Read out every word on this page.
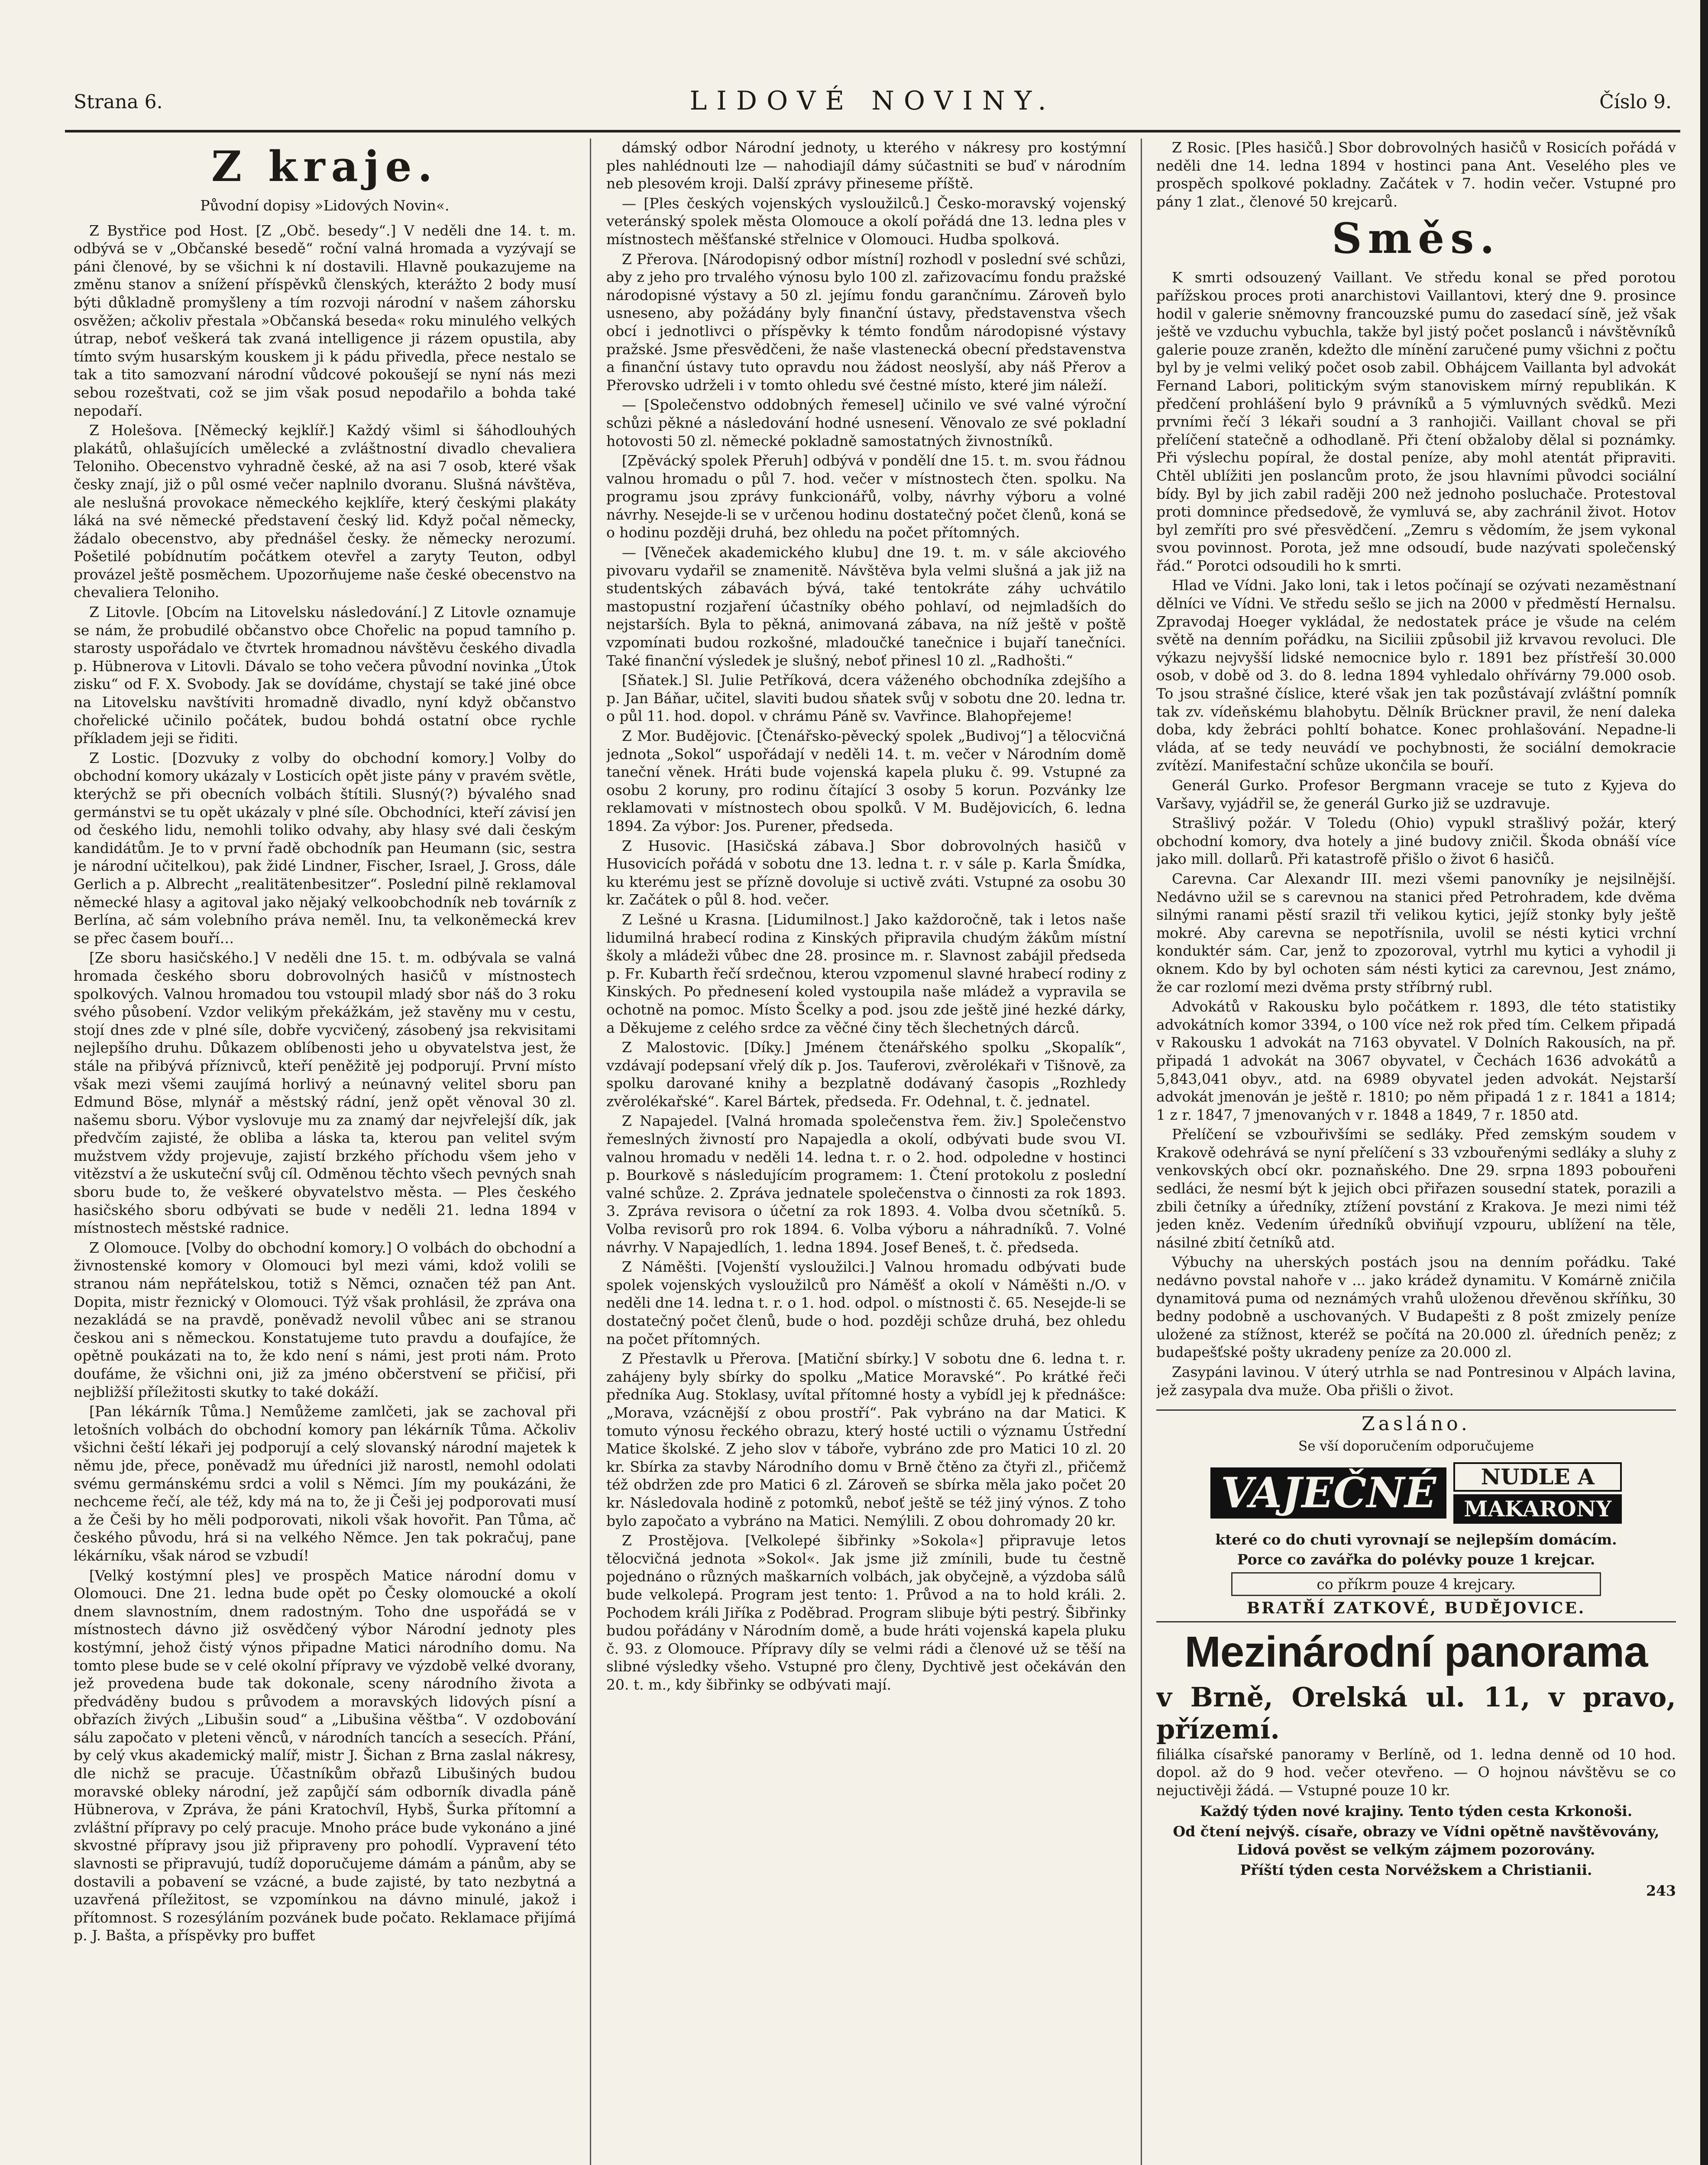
Strana 6.	LIDOVÉ NOVINY.	Číslo 9.
Z kraje.
Původní dopisy »Lidových Novin«.

Z Bystřice pod Host. [Z „Obč. besedy“.] V neděli dne 14. t. m. odbývá se v „Občanské besedě“ roční valná hromada a vyzývají se páni členové, by se všichni k ní dostavili. Hlavně poukazujeme na změnu stanov a snížení příspěvků členských, kterážto 2 body musí býti důkladně promyšleny a tím rozvoji národní v našem záhorsku osvěžen; ačkoliv přestala »Občanská beseda« roku minulého velkých útrap, neboť veškerá tak zvaná intelligence ji rázem opustila, aby tímto svým husarským kouskem ji k pádu přivedla, přece nestalo se tak a tito samozvaní národní vůdcové pokoušejí se nyní nás mezi sebou rozeštvati, což se jim však posud nepodařilo a bohda také nepodaří.

Z Holešova. [Německý kejklíř.] Každý všiml si šáhodlouhých plakátů, ohlašujících umělecké a zvláštnostní divadlo chevaliera Teloniho. Obecenstvo vyhradně české, až na asi 7 osob, které však česky znají, již o půl osmé večer naplnilo dvoranu. Slušná návštěva, ale neslušná provokace německého kejklíře, který českými plakáty láká na své německé představení český lid. Když počal německy, žádalo obecenstvo, aby přednášel česky. že německy nerozumí. Pošetilé pobídnutím počátkem otevřel a zaryty Teuton, odbyl provázel ještě posměchem. Upozorňujeme naše české obecenstvo na chevaliera Teloniho.

Z Litovle. [Obcím na Litovelsku následování.] Z Litovle oznamuje se nám, že probudilé občanstvo obce Chořelic na popud tamního p. starosty uspořádalo ve čtvrtek hromadnou návštěvu českého divadla p. Hübnerova v Litovli. Dávalo se toho večera původní novinka „Útok zisku“ od F. X. Svobody. Jak se dovídáme, chystají se také jiné obce na Litovelsku navštíviti hromadně divadlo, nyní když občanstvo chořelické učinilo počátek, budou bohdá ostatní obce rychle příkladem jeji se řiditi.

Z Lostic. [Dozvuky z volby do obchodní komory.] Volby do obchodní komory ukázaly v Losticích opět jiste pány v pravém světle, kterýchž se při obecních volbách štítili. Slusný(?) bývalého snad germánstvi se tu opět ukázaly v plné síle. Obchodníci, kteří závisí jen od českého lidu, nemohli toliko odvahy, aby hlasy své dali českým kandidátům. Je to v první řadě obchodník pan Heumann (sic, sestra je národní učitelkou), pak židé Lindner, Fischer, Israel, J. Gross, dále Gerlich a p. Albrecht „realitätenbesitzer“. Poslední pilně reklamoval německé hlasy a agitoval jako nějaký velkoobchodník neb továrník z Berlína, ač sám volebního práva neměl. Inu, ta velkoněmecká krev se přec časem bouří…

[Ze sboru hasičského.] V neděli dne 15. t. m. odbývala se valná hromada českého sboru dobrovolných hasičů v místnostech spolkových. Valnou hromadou tou vstoupil mladý sbor náš do 3 roku svého působení. Vzdor velikým překážkám, jež stavěny mu v cestu, stojí dnes zde v plné síle, dobře vycvičený, zásobený jsa rekvisitami nejlepšího druhu. Důkazem oblíbenosti jeho u obyvatelstva jest, že stále na přibývá příznivců, kteří peněžitě jej podporují. První místo však mezi všemi zaujímá horlivý a neúnavný velitel sboru pan Edmund Böse, mlynář a městský rádní, jenž opět věnoval 30 zl. našemu sboru. Výbor vyslovuje mu za znamý dar nejvřelejší dík, jak předvčím zajisté, že obliba a láska ta, kterou pan velitel svým mužstvem vždy projevuje, zajistí brzkého příchodu všem jeho v vitězství a že uskuteční svůj cíl. Odměnou těchto všech pevných snah sboru bude to, že veškeré obyvatelstvo města. — Ples českého hasičského sboru odbývati se bude v neděli 21. ledna 1894 v místnostech městské radnice.

Z Olomouce. [Volby do obchodní komory.] O volbách do obchodní a živnostenské komory v Olomouci byl mezi vámi, kdož volili se stranou nám nepřátelskou, totiž s Němci, označen též pan Ant. Dopita, mistr řeznický v Olomouci. Týž však prohlásil, že zpráva ona nezakládá se na pravdě, poněvadž nevolil vůbec ani se stranou českou ani s německou. Konstatujeme tuto pravdu a doufajíce, že opětně poukázati na to, že kdo není s námi, jest proti nám. Proto doufáme, že všichni oni, již za jméno občerstvení se přičisí, při nejbližší příležitosti skutky to také dokáží.

[Pan lékárník Tůma.] Nemůžeme zamlčeti, jak se zachoval při letošních volbách do obchodní komory pan lékárník Tůma. Ačkoliv všichni čeští lékaři jej podporují a celý slovanský národní majetek k němu jde, přece, poněvadž mu úředníci již narostl, nemohl odolati svému germánskému srdci a volil s Němci. Jím my poukázáni, že nechceme řečí, ale též, kdy má na to, že ji Češi jej podporovati musí a že Češi by ho měli podporovati, nikoli však hovořit. Pan Tůma, ač českého původu, hrá si na velkého Němce. Jen tak pokračuj, pane lékárníku, však národ se vzbudí!

[Velký kostýmní ples] ve prospěch Matice národní domu v Olomouci. Dne 21. ledna bude opět po Česky olomoucké a okolí dnem slavnostním, dnem radostným. Toho dne uspořádá se v místnostech dávno již osvědčený výbor Národní jednoty ples kostýmní, jehož čistý výnos připadne Matici národního domu. Na tomto plese bude se v celé okolní přípravy ve výzdobě velké dvorany, jež provedena bude tak dokonale, sceny národního života a předváděny budou s průvodem a moravských lidových písní a obřazích živých „Libušin soud“ a „Libušina věštba“. V ozdobování sálu započato v pleteni věnců, v národních tancích a sesecích. Přání, by celý vkus akademický malíř, mistr J. Šichan z Brna zaslal nákresy, dle nichž se pracuje. Účastníkům obřazů Libušiných budou moravské obleky národní, jež zapůjčí sám odborník divadla páně Hübnerova, v Zpráva, že páni Kratochvíl, Hybš, Šurka přítomní a zvláštní přípravy po celý pracuje. Mnoho práce bude vykonáno a jiné skvostné přípravy jsou již připraveny pro pohodlí. Vypravení této slavnosti se připravujú, tudíž doporučujeme dámám a pánům, aby se dostavili a pobavení se vzácné, a bude zajisté, by tato nezbytná a uzavřená příležitost, se vzpomínkou na dávno minulé, jakož i přítomnost. S rozesýláním pozvánek bude počato. Reklamace přijímá p. J. Bašta, a příspěvky pro buffet

dámský odbor Národní jednoty, u kterého v nákresy pro kostýmní ples nahlédnouti lze — nahodiajíl dámy súčastniti se buď v národním neb plesovém kroji. Další zprávy přineseme příště.

— [Ples českých vojenských vysloužilců.] Česko-moravský vojenský veteránský spolek města Olomouce a okolí pořádá dne 13. ledna ples v místnostech měšťanské střelnice v Olomouci. Hudba spolková.

Z Přerova. [Národopisný odbor místní] rozhodl v poslední své schůzi, aby z jeho pro trvalého výnosu bylo 100 zl. zařizovacímu fondu pražské národopisné výstavy a 50 zl. jejímu fondu garančnímu. Zároveň bylo usneseno, aby požádány byly finanční ústavy, představenstva všech obcí i jednotlivci o příspěvky k témto fondům národopisné výstavy pražské. Jsme přesvědčeni, že naše vlastenecká obecní představenstva a finanční ústavy tuto opravdu nou žádost neoslyší, aby náš Přerov a Přerovsko udrželi i v tomto ohledu své čestné místo, které jim náleží.

— [Společenstvo oddobných řemesel] učinilo ve své valné výroční schůzi pěkné a následování hodné usnesení. Věnovalo ze své pokladní hotovosti 50 zl. německé pokladně samostatných živnostníků.

[Zpěvácký spolek Přeruh] odbývá v pondělí dne 15. t. m. svou řádnou valnou hromadu o půl 7. hod. večer v místnostech čten. spolku. Na programu jsou zprávy funkcionářů, volby, návrhy výboru a volné návrhy. Nesejde-li se v určenou hodinu dostatečný počet členů, koná se o hodinu později druhá, bez ohledu na počet přítomných.

— [Věneček akademického klubu] dne 19. t. m. v sále akciového pivovaru vydařil se znamenitě. Návštěva byla velmi slušná a jak již na studentských zábavách bývá, také tentokráte záhy uchvátilo mastopustní rozjaření účastníky obého pohlaví, od nejmladších do nejstarších. Byla to pěkná, animovaná zábava, na níž ještě v poště vzpomínati budou rozkošné, mladoučké tanečnice i bujaří tanečníci. Také finanční výsledek je slušný, neboť přinesl 10 zl. „Radhošti.“

[Sňatek.] Sl. Julie Petříková, dcera váženého obchodníka zdejšího a p. Jan Báňar, učitel, slaviti budou sňatek svůj v sobotu dne 20. ledna tr. o půl 11. hod. dopol. v chrámu Páně sv. Vavřince. Blahopřejeme!

Z Mor. Budějovic. [Čtenářsko-pěvecký spolek „Budivoj“] a tělocvičná jednota „Sokol“ uspořádají v neděli 14. t. m. večer v Národním domě taneční věnek. Hráti bude vojenská kapela pluku č. 99. Vstupné za osobu 2 koruny, pro rodinu čítající 3 osoby 5 korun. Pozvánky lze reklamovati v místnostech obou spolků. V M. Budějovicích, 6. ledna 1894. Za výbor: Jos. Purener, předseda.

Z Husovic. [Hasičská zábava.] Sbor dobrovolných hasičů v Husovicích pořádá v sobotu dne 13. ledna t. r. v sále p. Karla Šmídka, ku kterému jest se přízně dovoluje si uctivě zváti. Vstupné za osobu 30 kr. Začátek o půl 8. hod. večer.

Z Lešné u Krasna. [Lidumilnost.] Jako každoročně, tak i letos naše lidumilná hrabecí rodina z Kinských připravila chudým žákům místní školy a mládeži vůbec dne 28. prosince m. r. Slavnost zabájil předseda p. Fr. Kubarth řečí srdečnou, kterou vzpomenul slavné hrabecí rodiny z Kinských. Po přednesení koled vystoupila naše mládež a vypravila se ochotně na pomoc. Místo Šcelky a pod. jsou zde ještě jiné hezké dárky, a Děkujeme z celého srdce za věčné činy těch šlechetných dárců.

Z Malostovic. [Díky.] Jménem čtenářského spolku „Skopalík“, vzdávají podepsaní vřelý dík p. Jos. Tauferovi, zvěrolékaři v Tišnově, za spolku darované knihy a bezplatně dodávaný časopis „Rozhledy zvěrolékařské“. Karel Bártek, předseda. Fr. Odehnal, t. č. jednatel.

Z Napajedel. [Valná hromada společenstva řem. živ.] Společenstvo řemeslných živností pro Napajedla a okolí, odbývati bude svou VI. valnou hromadu v neděli 14. ledna t. r. o 2. hod. odpoledne v hostinci p. Bourkově s následujícím programem: 1. Čtení protokolu z poslední valné schůze. 2. Zpráva jednatele společenstva o činnosti za rok 1893. 3. Zpráva revisora o účetní za rok 1893. 4. Volba dvou sčetníků. 5. Volba revisorů pro rok 1894. 6. Volba výboru a náhradníků. 7. Volné návrhy. V Napajedlích, 1. ledna 1894. Josef Beneš, t. č. předseda.

Z Náměšti. [Vojenští vysloužilci.] Valnou hromadu odbývati bude spolek vojenských vysloužilců pro Náměšť a okolí v Náměšti n./O. v neděli dne 14. ledna t. r. o 1. hod. odpol. o místnosti č. 65. Nesejde-li se dostatečný počet členů, bude o hod. později schůze druhá, bez ohledu na počet přítomných.

Z Přestavlk u Přerova. [Matiční sbírky.] V sobotu dne 6. ledna t. r. zahájeny byly sbírky do spolku „Matice Moravské“. Po krátké řeči předníka Aug. Stoklasy, uvítal přítomné hosty a vybídl jej k přednášce: „Morava, vzácnější z obou prostří“. Pak vybráno na dar Matici. K tomuto výnosu řeckého obrazu, který hosté uctili o významu Ústřední Matice školské. Z jeho slov v táboře, vybráno zde pro Matici 10 zl. 20 kr. Sbírka za stavby Národního domu v Brně čtěno za čtyři zl., přičemž též obdržen zde pro Matici 6 zl. Zároveň se sbírka měla jako počet 20 kr. Následovala hodině z potomků, neboť ještě se též jiný výnos. Z toho bylo započato a vybráno na Matici. Nemýlili. Z obou dohromady 20 kr.

Z Prostějova. [Velkolepé šibřinky »Sokola«] připravuje letos tělocvičná jednota »Sokol«. Jak jsme již zmínili, bude tu čestně pojednáno o různých maškarních volbách, jak obyčejně, a výzdoba sálů bude velkolepá. Program jest tento: 1. Průvod a na to hold králi. 2. Pochodem králi Jiříka z Poděbrad. Program slibuje býti pestrý. Šibřinky budou pořádány v Národním domě, a bude hráti vojenská kapela pluku č. 93. z Olomouce. Přípravy díly se velmi rádi a členové už se těší na slibné výsledky všeho. Vstupné pro členy, Dychtivě jest očekáván den 20. t. m., kdy šibřinky se odbývati mají.

Z Rosic. [Ples hasičů.] Sbor dobrovolných hasičů v Rosicích pořádá v neděli dne 14. ledna 1894 v hostinci pana Ant. Veselého ples ve prospěch spolkové pokladny. Začátek v 7. hodin večer. Vstupné pro pány 1 zlat., členové 50 krejcarů.

Směs.

K smrti odsouzený Vaillant. Ve středu konal se před porotou pařížskou proces proti anarchistovi Vaillantovi, který dne 9. prosince hodil v galerie sněmovny francouzské pumu do zasedací síně, jež však ještě ve vzduchu vybuchla, takže byl jistý počet poslanců i návštěvníků galerie pouze zraněn, kdežto dle mínění zaručené pumy všichni z počtu byl by je velmi veliký počet osob zabil. Obhájcem Vaillanta byl advokát Fernand Labori, politickým svým stanoviskem mírný republikán. K předčení prohlášení bylo 9 právníků a 5 výmluvných svědků. Mezi prvními řečí 3 lékaři soudní a 3 ranhojiči. Vaillant choval se při přelíčení statečně a odhodlaně. Při čtení obžaloby dělal si poznámky. Při výslechu popíral, že dostal peníze, aby mohl atentát připraviti. Chtěl ublížiti jen poslancům proto, že jsou hlavními původci sociální bídy. Byl by jich zabil raději 200 než jednoho posluchače. Protestoval proti domnince předsedově, že vymluvá se, aby zachránil život. Hotov byl zemříti pro své přesvědčení. „Zemru s vědomím, že jsem vykonal svou povinnost. Porota, jež mne odsoudí, bude nazývati společenský řád.“ Porotci odsoudili ho k smrti.

Hlad ve Vídni. Jako loni, tak i letos počínají se ozývati nezaměstnaní dělníci ve Vídni. Ve středu sešlo se jich na 2000 v předměstí Hernalsu. Zpravodaj Hoeger vykládal, že nedostatek práce je všude na celém světě na denním pořádku, na Siciliii způsobil již krvavou revoluci. Dle výkazu nejvyšší lidské nemocnice bylo r. 1891 bez přístřeší 30.000 osob, v době od 3. do 8. ledna 1894 vyhledalo ohřívárny 79.000 osob. To jsou strašné číslice, které však jen tak pozůstávají zvláštní pomník tak zv. vídeňskému blahobytu. Dělník Brückner pravil, že není daleka doba, kdy žebráci pohltí bohatce. Konec prohlašování. Nepadne-li vláda, ať se tedy neuvádí ve pochybnosti, že sociální demokracie zvítězí. Manifestační schůze ukončila se bouří.

Generál Gurko. Profesor Bergmann vraceje se tuto z Kyjeva do Varšavy, vyjádřil se, že generál Gurko již se uzdravuje.

Strašlivý požár. V Toledu (Ohio) vypukl strašlivý požár, který obchodní komory, dva hotely a jiné budovy zničil. Škoda obnáší více jako mill. dollarů. Při katastrofě přišlo o život 6 hasičů.

Carevna. Car Alexandr III. mezi všemi panovníky je nejsilnější. Nedávno užil se s carevnou na stanici před Petrohradem, kde dvěma silnými ranami pěstí srazil tři velikou kytici, jejíž stonky byly ještě mokré. Aby carevna se nepotřísnila, uvolil se nésti kytici vrchní konduktér sám. Car, jenž to zpozoroval, vytrhl mu kytici a vyhodil ji oknem. Kdo by byl ochoten sám nésti kytici za carevnou, Jest známo, že car rozlomí mezi dvěma prsty stříbrný rubl.

Advokátů v Rakousku bylo počátkem r. 1893, dle této statistiky advokátních komor 3394, o 100 více než rok před tím. Celkem připadá v Rakousku 1 advokát na 7163 obyvatel. V Dolních Rakousích, na př. připadá 1 advokát na 3067 obyvatel, v Čechách 1636 advokátů a 5,843,041 obyv., atd. na 6989 obyvatel jeden advokát. Nejstarší advokát jmenován je ještě r. 1810; po něm připadá 1 z r. 1841 a 1814; 1 z r. 1847, 7 jmenovaných v r. 1848 a 1849, 7 r. 1850 atd.

Přelíčení se vzbouřivšími se sedláky. Před zemským soudem v Krakově odehrává se nyní přelíčení s 33 vzbouřenými sedláky a sluhy z venkovských obcí okr. poznaňského. Dne 29. srpna 1893 pobouřeni sedláci, že nesmí být k jejich obci přiřazen sousední statek, porazili a zbili četníky a úředníky, ztížení povstání z Krakova. Je mezi nimi též jeden kněz. Vedením úředníků obviňují vzpouru, ublížení na těle, násilné zbití četníků atd.

Výbuchy na uherských postách jsou na denním pořádku. Také nedávno povstal nahoře v ... jako krádež dynamitu. V Komárně zničila dynamitová puma od neznámých vrahů uloženou dřevěnou skříňku, 30 bedny podobně a uschovaných. V Budapešti z 8 pošt zmizely peníze uložené za stížnost, kteréž se počítá na 20.000 zl. úředních peněz; z budapešťské pošty ukradeny peníze za 20.000 zl.

Zasypáni lavinou. V úterý utrhla se nad Pontresinou v Alpách lavina, jež zasypala dva muže. Oba přišli o život.

Zasláno.
Se vší doporučením odporučujeme
VAJEČNÉ	NUDLE A
MAKARONY
které co do chuti vyrovnají se nejlepším domácím.
Porce co zavářka do polévky pouze 1 krejcar.
co příkrm pouze 4 krejcary.
BRATŘÍ ZATKOVÉ, BUDĚJOVICE.
Mezinárodní panorama
v Brně, Orelská ul. 11, v pravo, přízemí.
filiálka císařské panoramy v Berlíně, od 1. ledna denně od 10 hod. dopol. až do 9 hod. večer otevřeno. — O hojnou návštěvu se co nejuctivěji žádá. — Vstupné pouze 10 kr.
Každý týden nové krajiny. Tento týden cesta Krkonoši.
Od čtení nejvýš. císaře, obrazy ve Vídni opětně navštěvovány, Lidová pověst se velkým zájmem pozorovány.
Příští týden cesta Norvéžskem a Christianii.
243
